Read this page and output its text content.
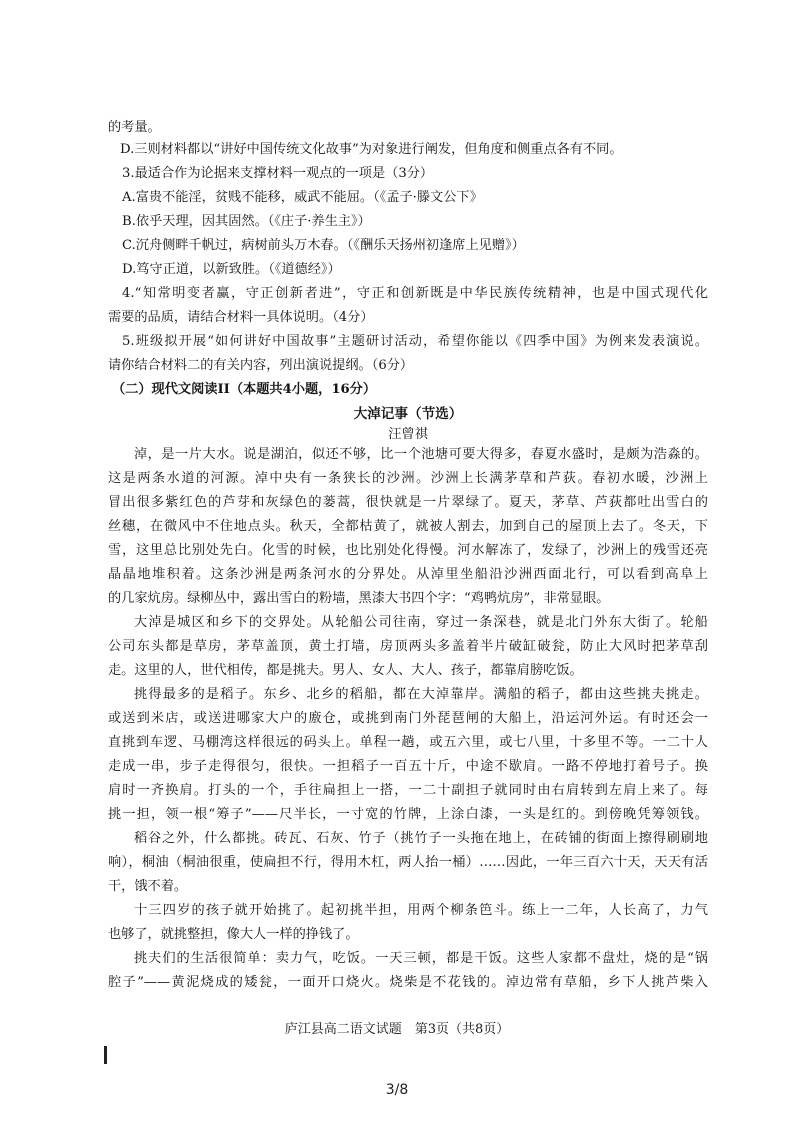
的考量。
D.三则材料都以“讲好中国传统文化故事”为对象进行阐发，但角度和侧重点各有不同。
3.最适合作为论据来支撑材料一观点的一项是（3分）
A.富贵不能淫，贫贱不能移，威武不能屈。（《孟子·滕文公下》
B.依乎天理，因其固然。（《庄子·养生主》）
C.沉舟侧畔千帆过，病树前头万木春。（《酬乐天扬州初逢席上见赠》）
D.笃守正道，以新致胜。（《道德经》）
4.“知常明变者赢，守正创新者进”，守正和创新既是中华民族传统精神，也是中国式现代化
需要的品质，请结合材料一具体说明。（4分）
5.班级拟开展“如何讲好中国故事”主题研讨活动，希望你能以《四季中国》为例来发表演说。
请你结合材料二的有关内容，列出演说提纲。（6分）
（二）现代文阅读II（本题共4小题，16分）
大淖记事（节选）
汪曾祺
淖，是一片大水。说是湖泊，似还不够，比一个池塘可要大得多，春夏水盛时，是颇为浩淼的。
这是两条水道的河源。淖中央有一条狭长的沙洲。沙洲上长满茅草和芦荻。春初水暖，沙洲上
冒出很多紫红色的芦芽和灰绿色的蒌蒿，很快就是一片翠绿了。夏天，茅草、芦荻都吐出雪白的
丝穗，在微风中不住地点头。秋天，全都枯黄了，就被人割去，加到自己的屋顶上去了。冬天，下
雪，这里总比别处先白。化雪的时候，也比别处化得慢。河水解冻了，发绿了，沙洲上的残雪还亮
晶晶地堆积着。这条沙洲是两条河水的分界处。从淖里坐船沿沙洲西面北行，可以看到高阜上
的几家炕房。绿柳丛中，露出雪白的粉墙，黑漆大书四个字：“鸡鸭炕房”，非常显眼。
大淖是城区和乡下的交界处。从轮船公司往南，穿过一条深巷，就是北门外东大街了。轮船
公司东头都是草房，茅草盖顶，黄土打墙，房顶两头多盖着半片破缸破瓮，防止大风时把茅草刮
走。这里的人，世代相传，都是挑夫。男人、女人、大人、孩子，都靠肩膀吃饭。
挑得最多的是稻子。东乡、北乡的稻船，都在大淖靠岸。满船的稻子，都由这些挑夫挑走。
或送到米店，或送进哪家大户的廒仓，或挑到南门外琵琶闸的大船上，沿运河外运。有时还会一
直挑到车逻、马棚湾这样很远的码头上。单程一趟，或五六里，或七八里，十多里不等。一二十人
走成一串，步子走得很匀，很快。一担稻子一百五十斤，中途不歇肩。一路不停地打着号子。换
肩时一齐换肩。打头的一个，手往扁担上一搭，一二十副担子就同时由右肩转到左肩上来了。每
挑一担，领一根“筹子”——尺半长，一寸宽的竹牌，上涂白漆，一头是红的。到傍晚凭筹领钱。
稻谷之外，什么都挑。砖瓦、石灰、竹子（挑竹子一头拖在地上，在砖铺的街面上擦得刷刷地
响），桐油（桐油很重，使扁担不行，得用木杠，两人抬一桶）……因此，一年三百六十天，天天有活
干，饿不着。
十三四岁的孩子就开始挑了。起初挑半担，用两个柳条笆斗。练上一二年，人长高了，力气
也够了，就挑整担，像大人一样的挣钱了。
挑夫们的生活很简单：卖力气，吃饭。一天三顿，都是干饭。这些人家都不盘灶，烧的是“锅
腔子”——黄泥烧成的矮瓮，一面开口烧火。烧柴是不花钱的。淖边常有草船，乡下人挑芦柴入
庐江县高二语文试题　第3页（共8页）
3/8
